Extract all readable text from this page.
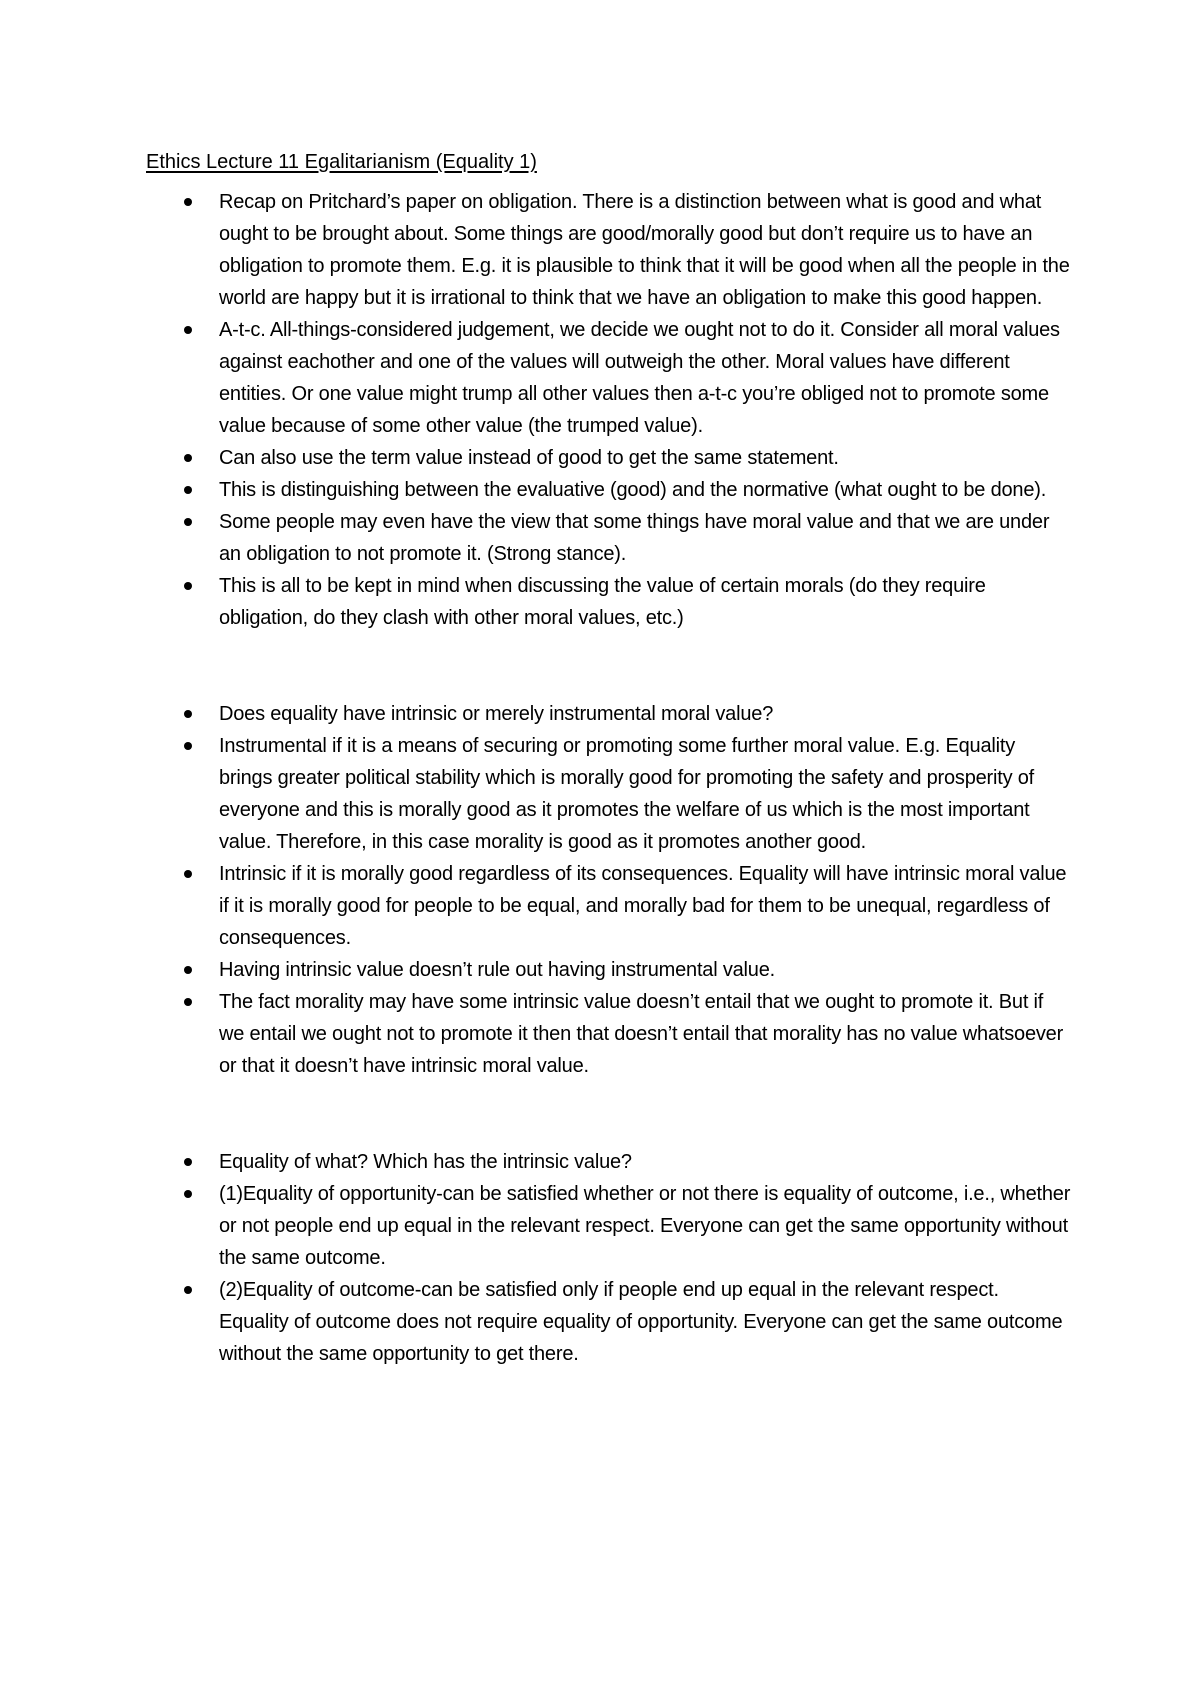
Ethics Lecture 11 Egalitarianism (Equality 1)
Recap on Pritchard’s paper on obligation. There is a distinction between what is good and what ought to be brought about. Some things are good/morally good but don’t require us to have an obligation to promote them. E.g. it is plausible to think that it will be good when all the people in the world are happy but it is irrational to think that we have an obligation to make this good happen.
A-t-c. All-things-considered judgement, we decide we ought not to do it. Consider all moral values against eachother and one of the values will outweigh the other. Moral values have different entities. Or one value might trump all other values then a-t-c you’re obliged not to promote some value because of some other value (the trumped value).
Can also use the term value instead of good to get the same statement.
This is distinguishing between the evaluative (good) and the normative (what ought to be done).
Some people may even have the view that some things have moral value and that we are under an obligation to not promote it. (Strong stance).
This is all to be kept in mind when discussing the value of certain morals (do they require obligation, do they clash with other moral values, etc.)
Does equality have intrinsic or merely instrumental moral value?
Instrumental if it is a means of securing or promoting some further moral value. E.g. Equality brings greater political stability which is morally good for promoting the safety and prosperity of everyone and this is morally good as it promotes the welfare of us which is the most important value. Therefore, in this case morality is good as it promotes another good.
Intrinsic if it is morally good regardless of its consequences. Equality will have intrinsic moral value if it is morally good for people to be equal, and morally bad for them to be unequal, regardless of consequences.
Having intrinsic value doesn’t rule out having instrumental value.
The fact morality may have some intrinsic value doesn’t entail that we ought to promote it. But if we entail we ought not to promote it then that doesn’t entail that morality has no value whatsoever or that it doesn’t have intrinsic moral value.
Equality of what? Which has the intrinsic value?
(1)Equality of opportunity-can be satisfied whether or not there is equality of outcome, i.e., whether or not people end up equal in the relevant respect. Everyone can get the same opportunity without the same outcome.
(2)Equality of outcome-can be satisfied only if people end up equal in the relevant respect. Equality of outcome does not require equality of opportunity. Everyone can get the same outcome without the same opportunity to get there.
